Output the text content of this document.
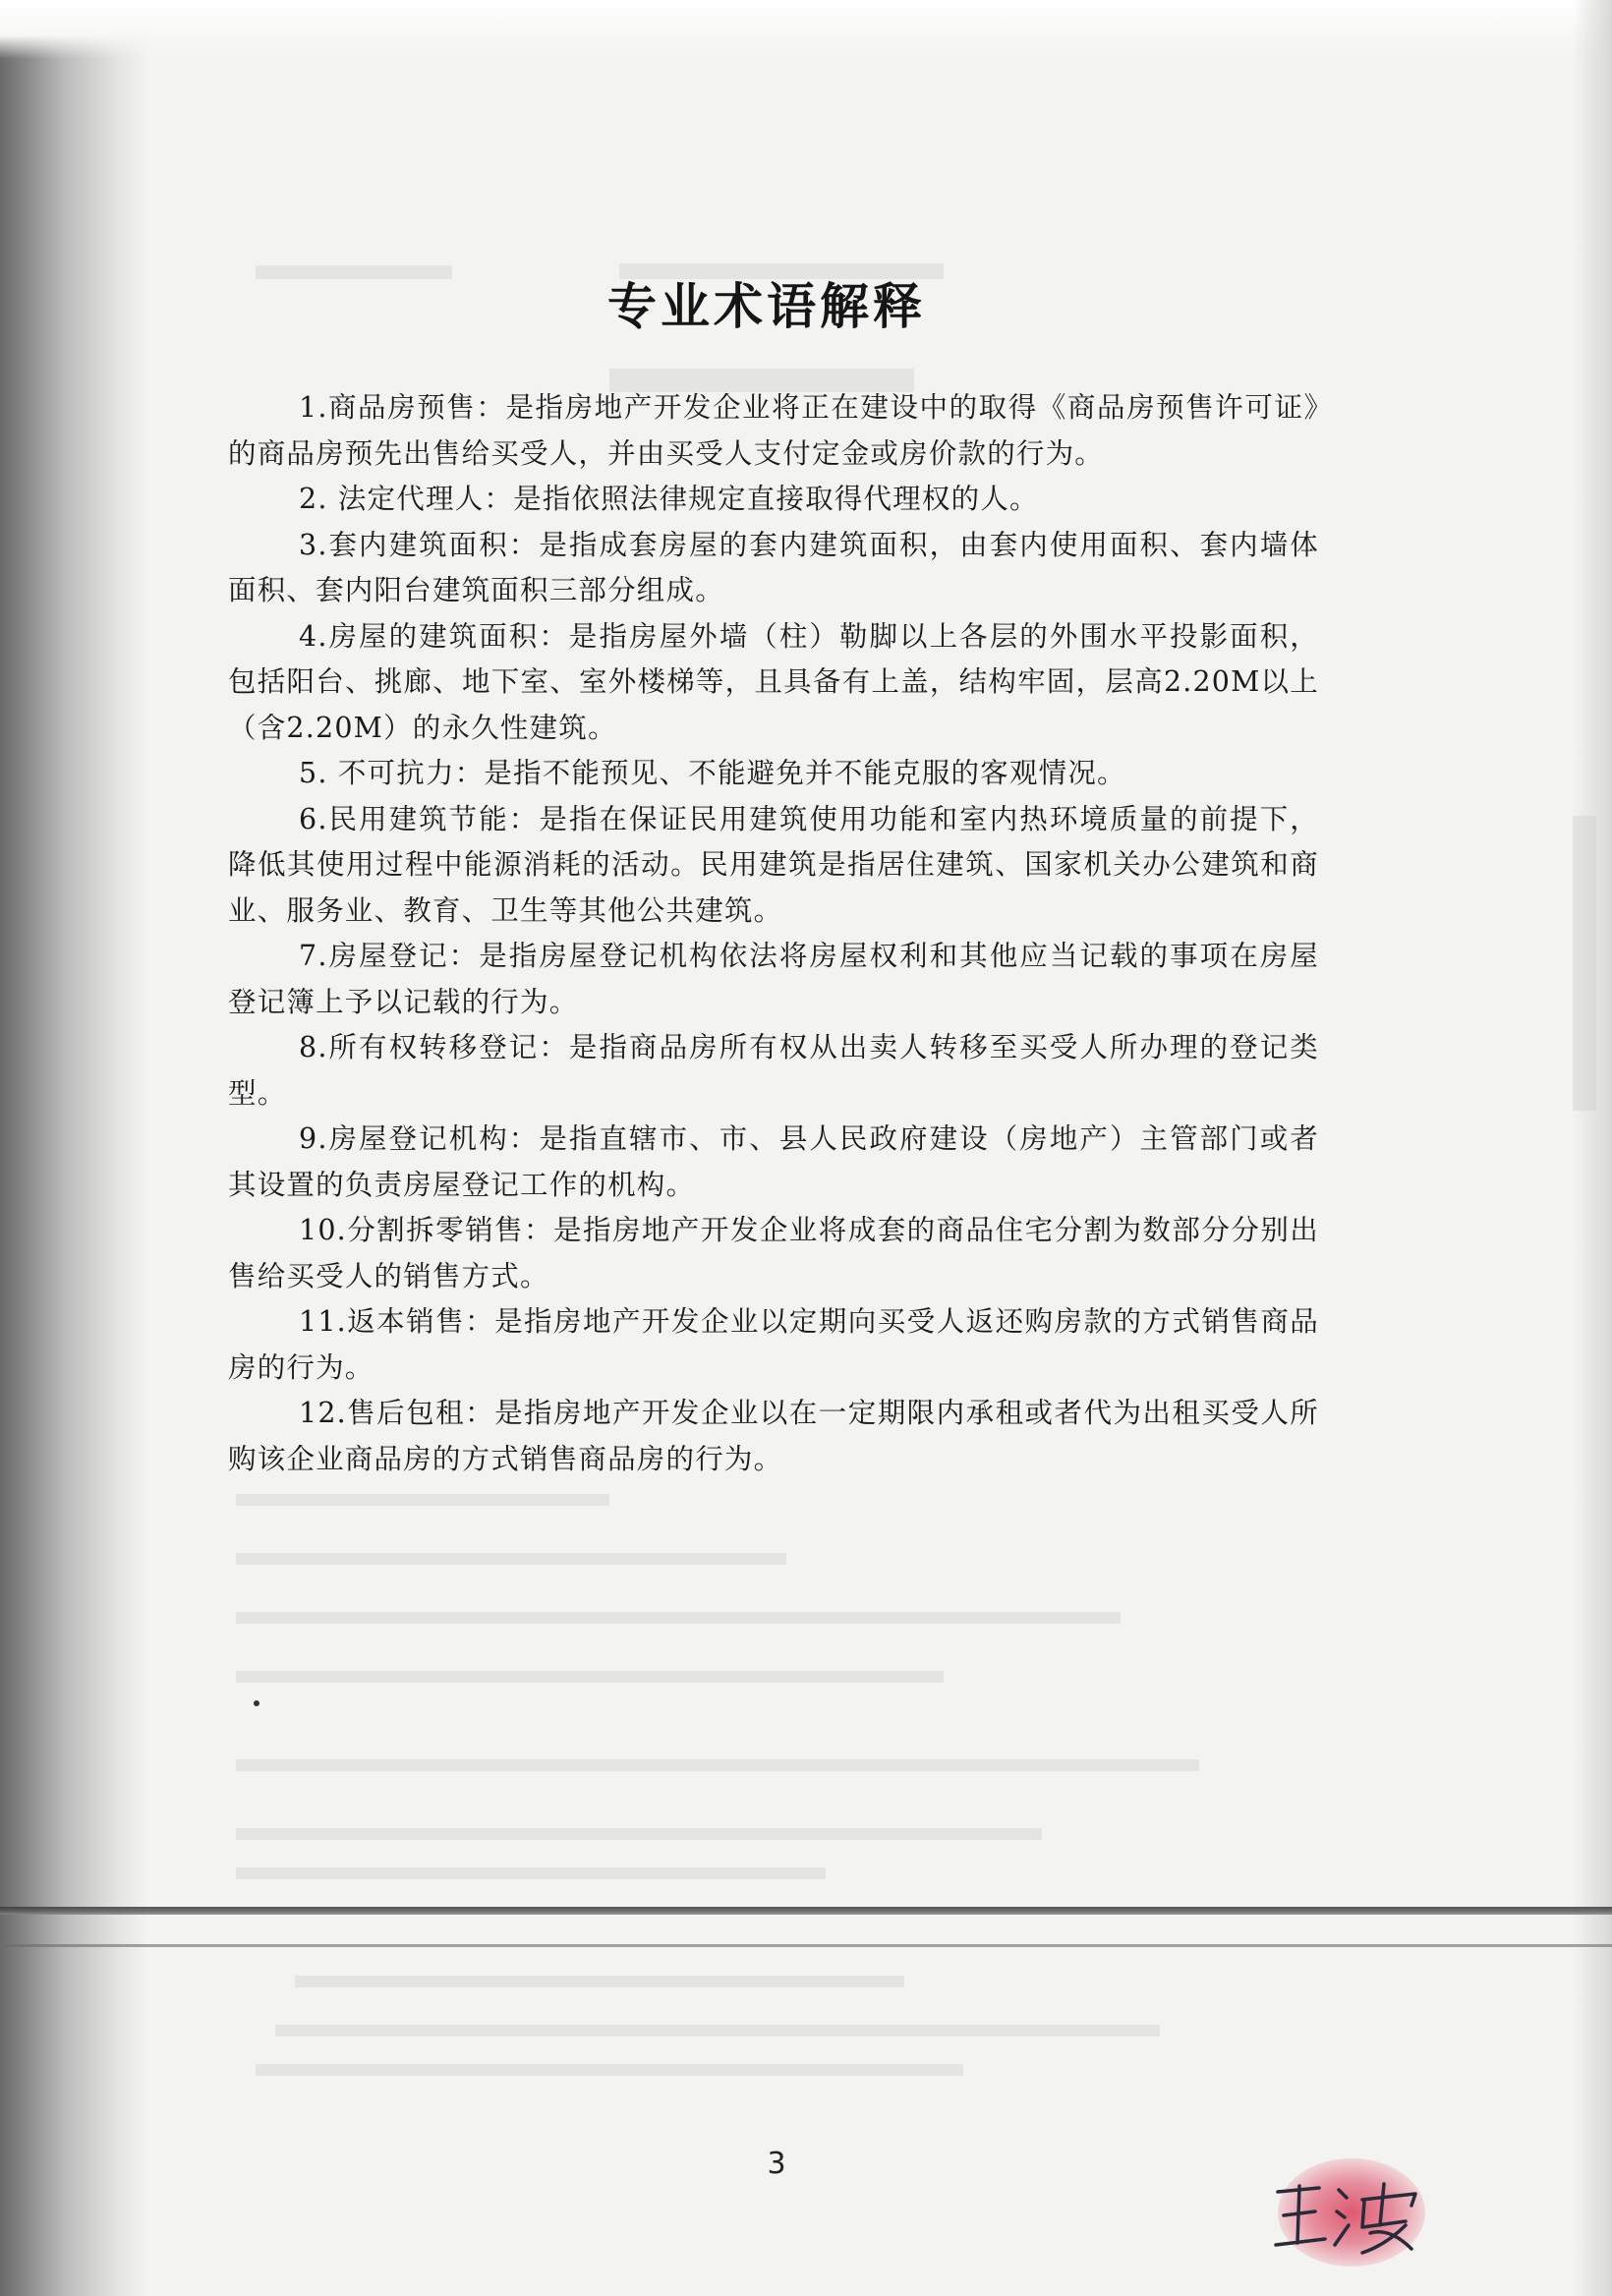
专业术语解释

1.商品房预售：是指房地产开发企业将正在建设中的取得《商品房预售许可证》的商品房预先出售给买受人，并由买受人支付定金或房价款的行为。

2. 法定代理人：是指依照法律规定直接取得代理权的人。

3.套内建筑面积：是指成套房屋的套内建筑面积，由套内使用面积、套内墙体面积、套内阳台建筑面积三部分组成。

4.房屋的建筑面积：是指房屋外墙（柱）勒脚以上各层的外围水平投影面积，包括阳台、挑廊、地下室、室外楼梯等，且具备有上盖，结构牢固，层高2.20M以上（含2.20M）的永久性建筑。

5. 不可抗力：是指不能预见、不能避免并不能克服的客观情况。

6.民用建筑节能：是指在保证民用建筑使用功能和室内热环境质量的前提下，降低其使用过程中能源消耗的活动。民用建筑是指居住建筑、国家机关办公建筑和商业、服务业、教育、卫生等其他公共建筑。

7.房屋登记：是指房屋登记机构依法将房屋权利和其他应当记载的事项在房屋登记簿上予以记载的行为。

8.所有权转移登记：是指商品房所有权从出卖人转移至买受人所办理的登记类型。

9.房屋登记机构：是指直辖市、市、县人民政府建设（房地产）主管部门或者其设置的负责房屋登记工作的机构。

10.分割拆零销售：是指房地产开发企业将成套的商品住宅分割为数部分分别出售给买受人的销售方式。

11.返本销售：是指房地产开发企业以定期向买受人返还购房款的方式销售商品房的行为。

12.售后包租：是指房地产开发企业以在一定期限内承租或者代为出租买受人所购该企业商品房的方式销售商品房的行为。

3
